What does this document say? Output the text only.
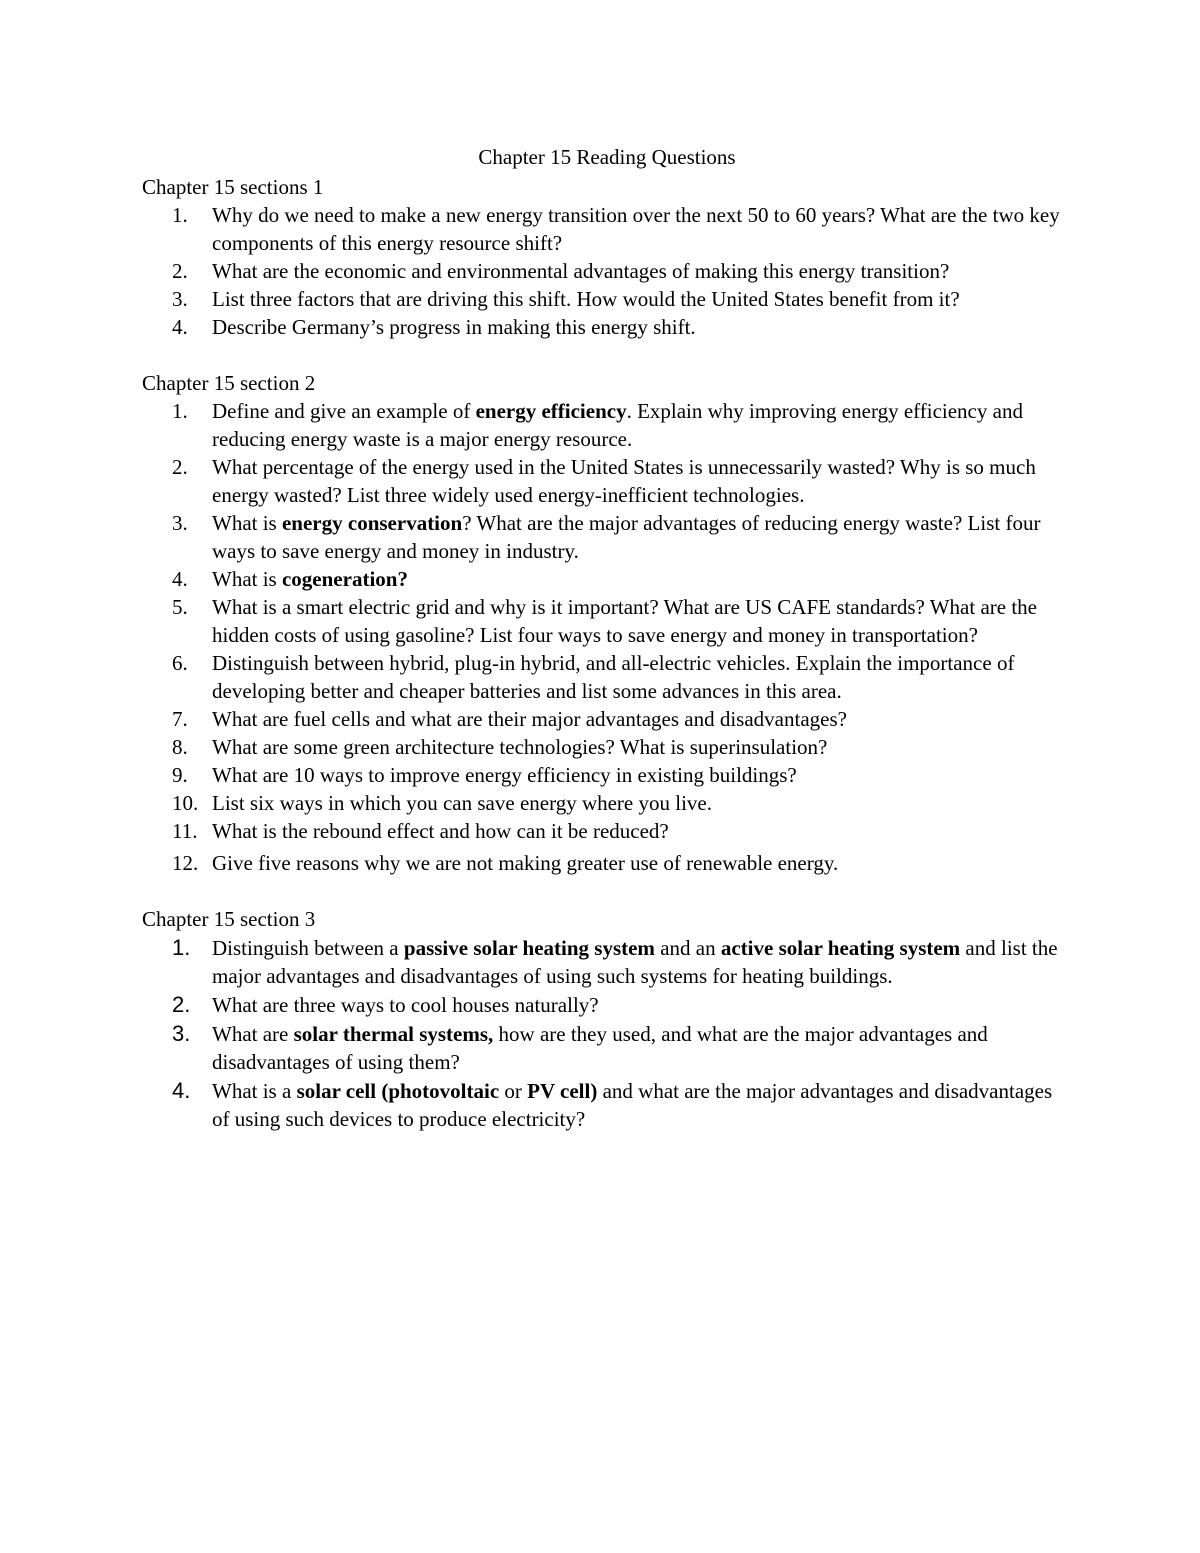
Chapter 15 Reading Questions
Chapter 15 sections 1
1.	Why do we need to make a new energy transition over the next 50 to 60 years? What are the two key components of this energy resource shift?
2.	What are the economic and environmental advantages of making this energy transition?
3.	List three factors that are driving this shift. How would the United States benefit from it?
4.	Describe Germany’s progress in making this energy shift.
Chapter 15 section 2
1.	Define and give an example of energy efficiency. Explain why improving energy efficiency and reducing energy waste is a major energy resource.
2.	What percentage of the energy used in the United States is unnecessarily wasted? Why is so much energy wasted? List three widely used energy-inefficient technologies.
3.	What is energy conservation? What are the major advantages of reducing energy waste? List four ways to save energy and money in industry.
4.	What is cogeneration?
5.	What is a smart electric grid and why is it important? What are US CAFE standards? What are the hidden costs of using gasoline? List four ways to save energy and money in transportation?
6.	Distinguish between hybrid, plug-in hybrid, and all-electric vehicles. Explain the importance of developing better and cheaper batteries and list some advances in this area.
7.	What are fuel cells and what are their major advantages and disadvantages?
8.	What are some green architecture technologies? What is superinsulation?
9.	What are 10 ways to improve energy efficiency in existing buildings?
10. List six ways in which you can save energy where you live.
11. What is the rebound effect and how can it be reduced?
12. Give five reasons why we are not making greater use of renewable energy.
Chapter 15 section 3
1.	Distinguish between a passive solar heating system and an active solar heating system and list the major advantages and disadvantages of using such systems for heating buildings.
2.	What are three ways to cool houses naturally?
3.	What are solar thermal systems, how are they used, and what are the major advantages and disadvantages of using them?
4.	What is a solar cell (photovoltaic or PV cell) and what are the major advantages and disadvantages of using such devices to produce electricity?
